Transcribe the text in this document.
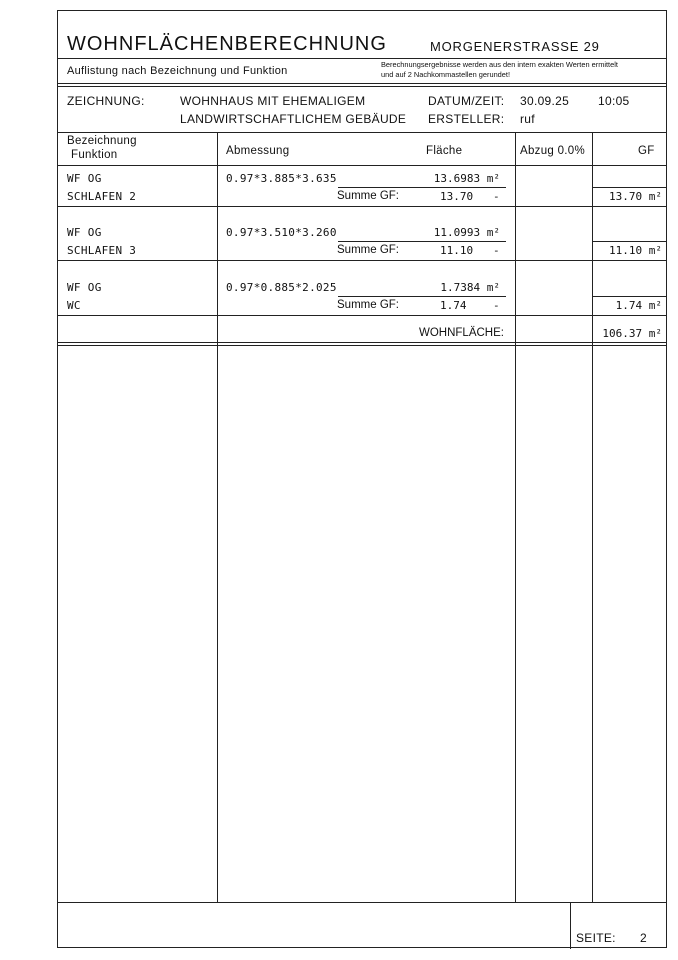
WOHNFLÄCHENBERECHNUNG	MORGENERSTRASSE 29
Auflistung nach Bezeichnung und Funktion
Berechnungsergebnisse werden aus den intern exakten Werten ermittelt
und auf 2 Nachkommastellen gerundet!
ZEICHNUNG:	WOHNHAUS MIT EHEMALIGEM
LANDWIRTSCHAFTLICHEM GEBÄUDE
DATUM/ZEIT: 30.09.25 10:05
ERSTELLER: ruf
Bezeichnung
Funktion	Abmessung	Fläche	Abzug 0.0%	GF
WF OG
SCHLAFEN 2
0.97*3.885*3.635	13.6983 m²
Summe GF:	13.70 -	13.70 m²
WF OG
SCHLAFEN 3
0.97*3.510*3.260	11.0993 m²
Summe GF:	11.10 -	11.10 m²
WF OG
WC
0.97*0.885*2.025	1.7384 m²
Summe GF:	1.74 -	1.74 m²
WOHNFLÄCHE:	106.37 m²
SEITE: 2
